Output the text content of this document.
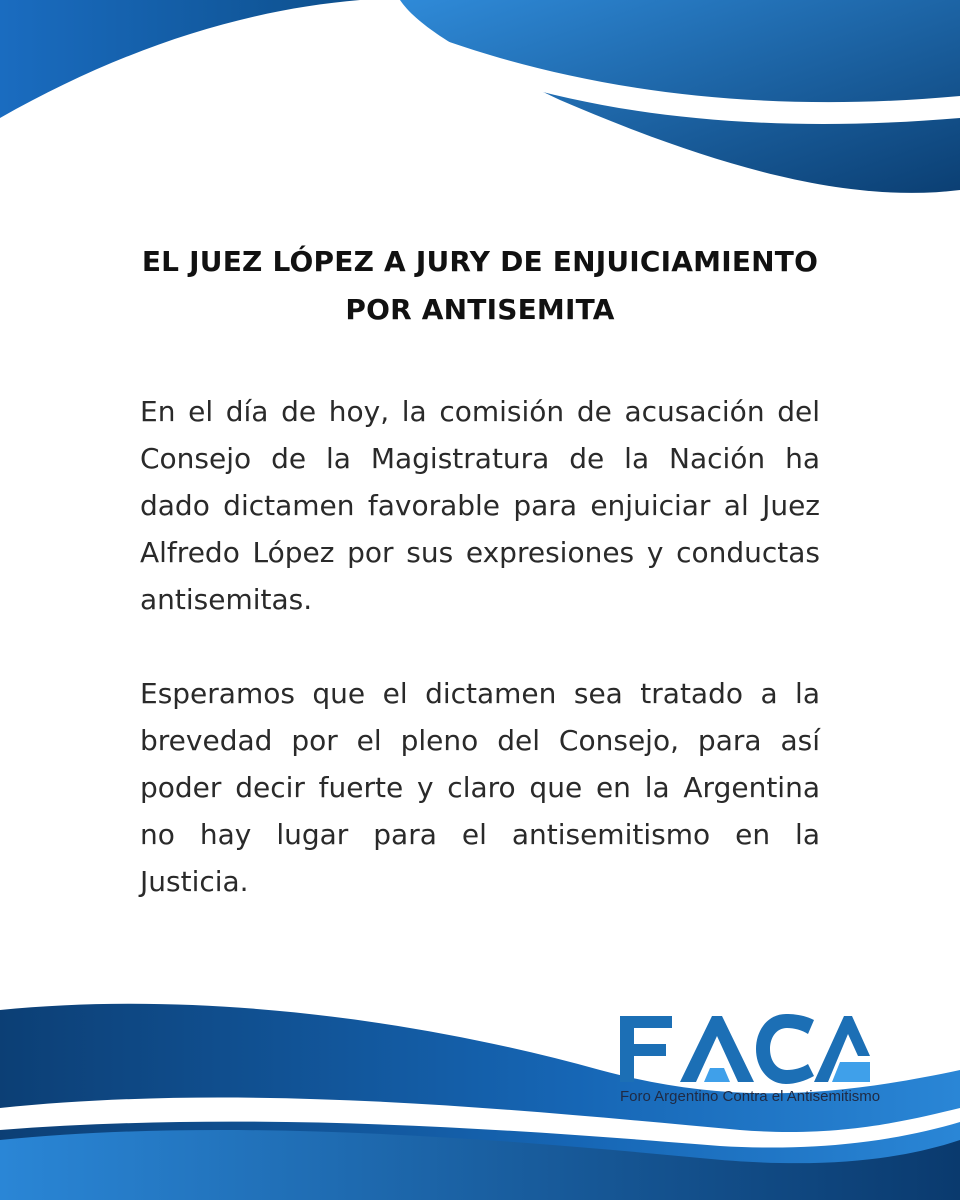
EL JUEZ LÓPEZ A JURY DE ENJUICIAMIENTO
POR ANTISEMITA

En el día de hoy, la comisión de acusación del Consejo de la Magistratura de la Nación ha dado dictamen favorable para enjuiciar al Juez Alfredo López por sus expresiones y conductas antisemitas.

Esperamos que el dictamen sea tratado a la brevedad por el pleno del Consejo, para así poder decir fuerte y claro que en la Argentina no hay lugar para el antisemitismo en la Justicia.

Foro Argentino Contra el Antisemitismo
